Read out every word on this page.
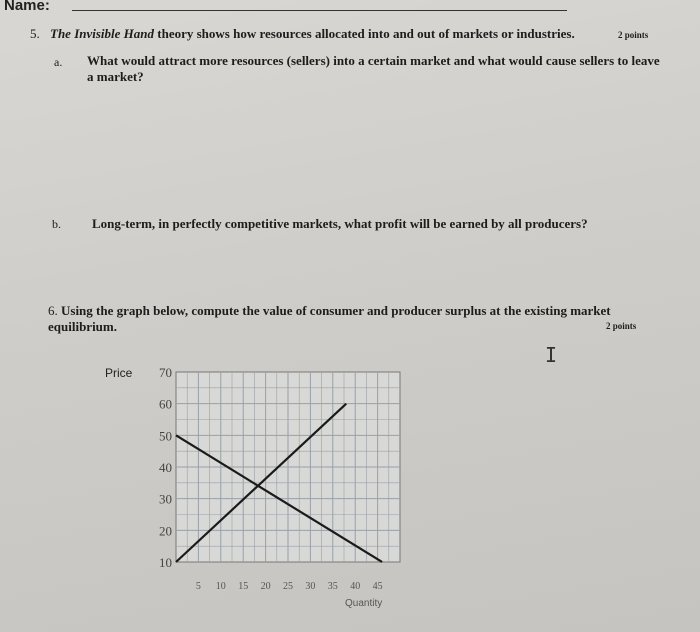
Name:
5. The Invisible Hand theory shows how resources allocated into and out of markets or industries.	2 points
a. What would attract more resources (sellers) into a certain market and what would cause sellers to leave a market?
b. Long-term, in perfectly competitive markets, what profit will be earned by all producers?
6. Using the graph below, compute the value of consumer and producer surplus at the existing market equilibrium.	2 points
I
Price
Quantity
10
20
30
40
50
60
70
5 10 15 20 25 30 35 40 45
